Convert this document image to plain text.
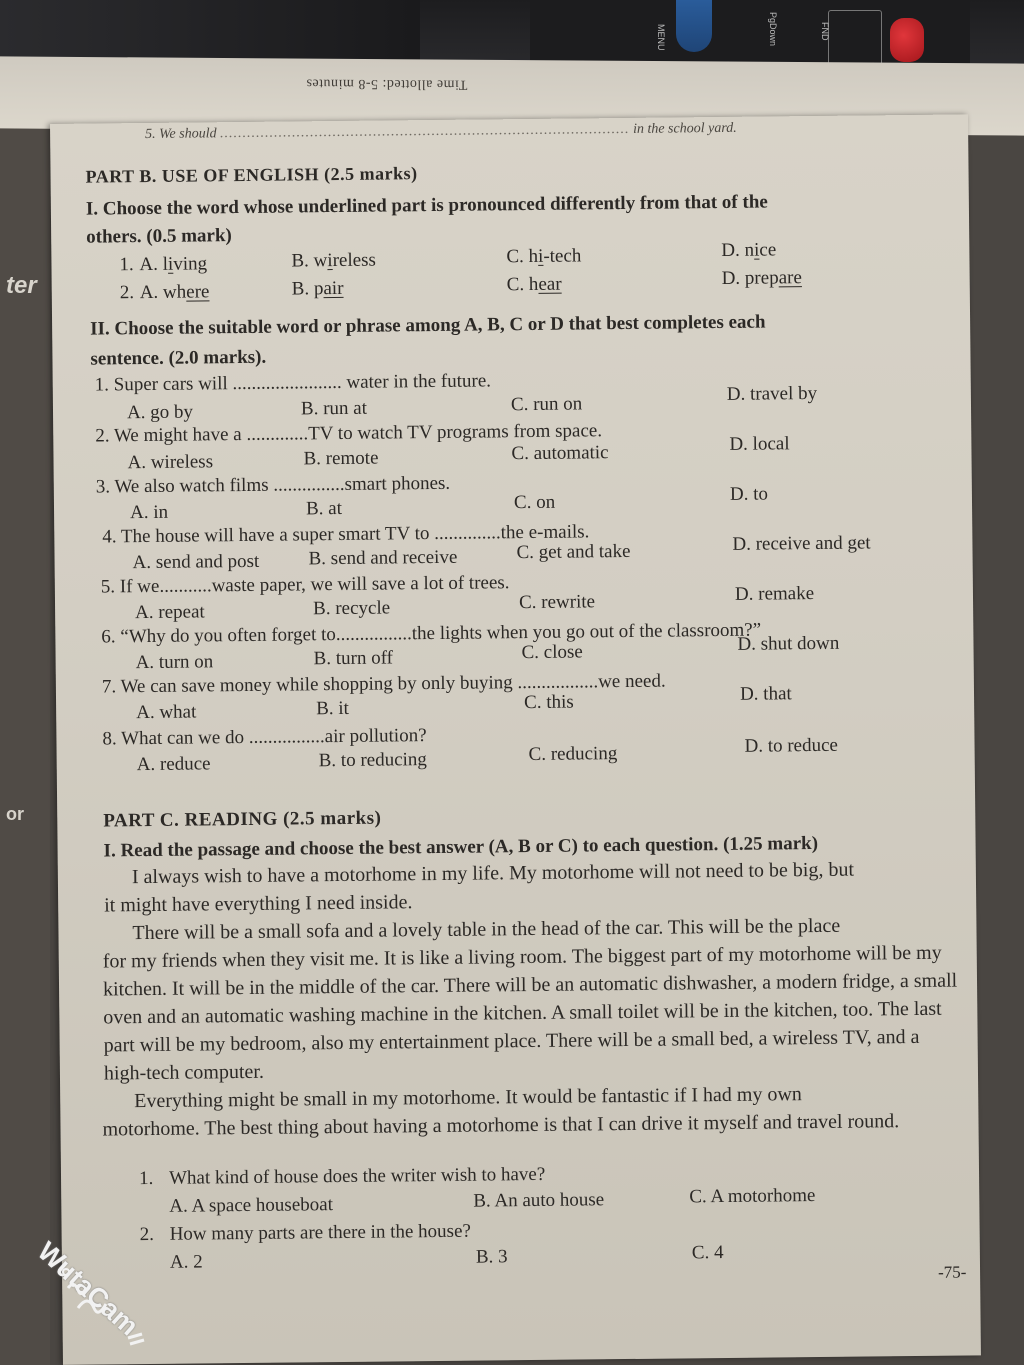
ter
or
MENU	PgDown	FND
Time allotted: 5-8 minutes
5. We should ........................................................................................... in the school yard.
PART B. USE OF ENGLISH (2.5 marks)
I. Choose the word whose underlined part is pronounced differently from that of the
others. (0.5 mark)
1. A. living	B. wireless	C. hi-tech	D. nice
2. A. where	B. pair	C. hear	D. prepare
II. Choose the suitable word or phrase among A, B, C or D that best completes each
sentence. (2.0 marks).
1. Super cars will ....................... water in the future.
A. go by	B. run at	C. run on	D. travel by
2. We might have a .............TV to watch TV programs from space.
A. wireless	B. remote	C. automatic	D. local
3. We also watch films ...............smart phones.
A. in	B. at	C. on	D. to
4. The house will have a super smart TV to ..............the e-mails.
A. send and post	B. send and receive	C. get and take	D. receive and get
5. If we...........waste paper, we will save a lot of trees.
A. repeat	B. recycle	C. rewrite	D. remake
6. “Why do you often forget to................the lights when you go out of the classroom?”
A. turn on	B. turn off	C. close	D. shut down
7. We can save money while shopping by only buying .................we need.
A. what	B. it	C. this	D. that
8. What can we do ................air pollution?
A. reduce	B. to reducing	C. reducing	D. to reduce
PART C. READING (2.5 marks)
I. Read the passage and choose the best answer (A, B or C) to each question. (1.25 mark)
I always wish to have a motorhome in my life. My motorhome will not need to be big, but
it might have everything I need inside.
There will be a small sofa and a lovely table in the head of the car. This will be the place
for my friends when they visit me. It is like a living room. The biggest part of my motorhome will be my kitchen. It will be in the middle of the car. There will be an automatic dishwasher, a modern fridge, a small oven and an automatic washing machine in the kitchen. A small toilet will be in the kitchen, too. The last part will be my bedroom, also my entertainment place. There will be a small bed, a wireless TV, and a high-tech computer.
Everything might be small in my motorhome. It would be fantastic if I had my own
motorhome. The best thing about having a motorhome is that I can drive it myself and travel round.
1. What kind of house does the writer wish to have?
A. A space houseboat	B. An auto house	C. A motorhome
2. How many parts are there in the house?
A. 2	B. 3	C. 4
-75-
WutaCam
